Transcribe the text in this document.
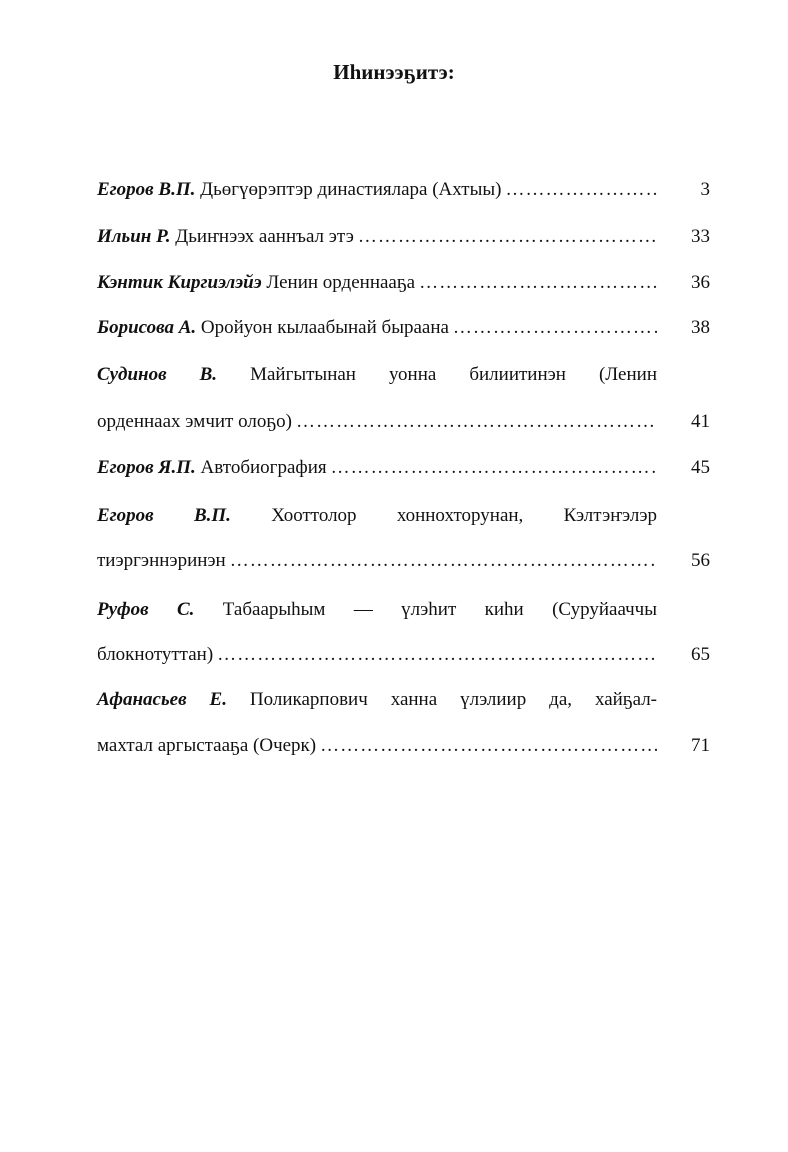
Иһинээҕитэ:
Егоров В.П. Дьөгүөрэптэр династиялара (Ахтыы) ……………………………………………………………………………………………………………………………	3
Ильин Р. Дьиҥнээх ааннъал этэ ……………………………………………………………………………………………………………………………	33
Кэнтик Киргиэлэйэ Ленин орденнааҕа ……………………………………………………………………………………………………………………………	36
Борисова А. Оройуон кылаабынай быраана ……………………………………………………………………………………………………………………………	38
Судинов В. Майгытынан уонна билиитинэн (Ленин
орденнаах эмчит олоҕо) ……………………………………………………………………………………………………………………………	41
Егоров Я.П. Автобиография ……………………………………………………………………………………………………………………………	45
Егоров В.П. Хооттолор хоннохторунан, Кэлтэҥэлэр
тиэргэннэринэн ……………………………………………………………………………………………………………………………	56
Руфов С. Табаарыһым — үлэһит киһи (Суруйааччы
блокнотуттан) ……………………………………………………………………………………………………………………………	65
Афанасьев Е. Поликарпович ханна үлэлиир да, хайҕал-
махтал аргыстааҕа (Очерк) ……………………………………………………………………………………………………………………………	71
